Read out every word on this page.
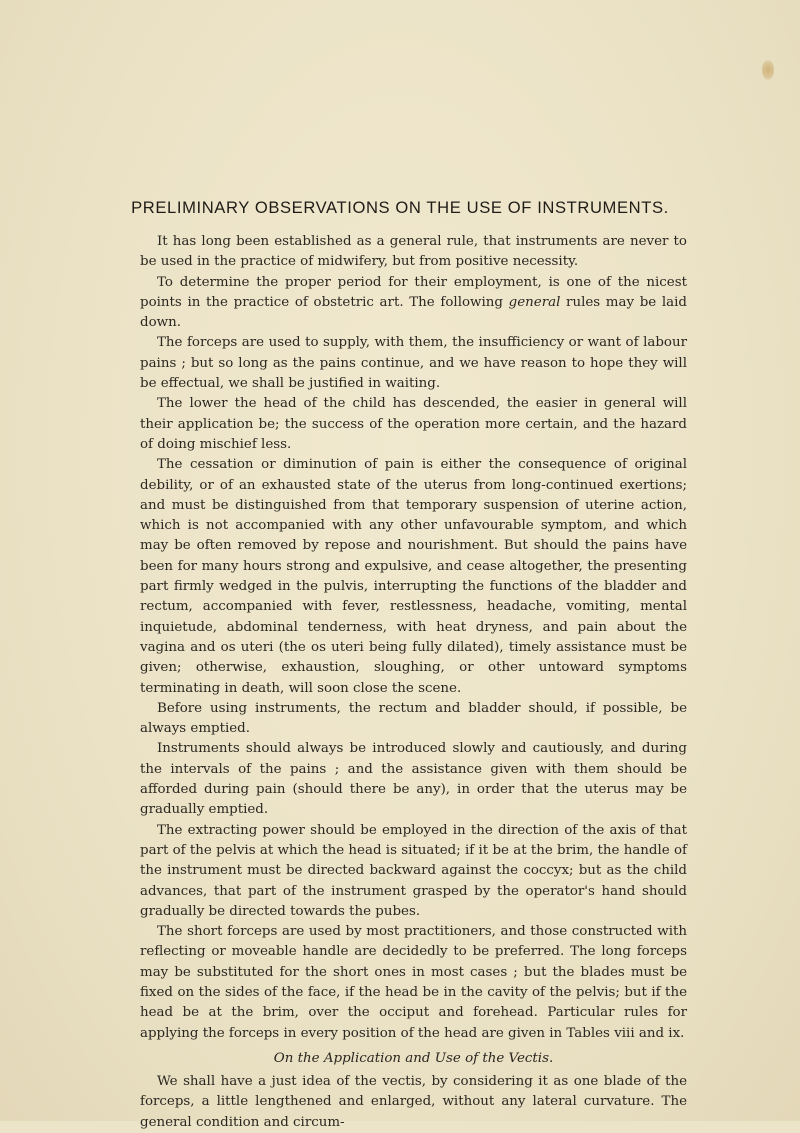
PRELIMINARY OBSERVATIONS ON THE USE OF INSTRUMENTS.

It has long been established as a general rule, that instruments are never to be used in the practice of midwifery, but from positive necessity.

To determine the proper period for their employment, is one of the nicest points in the practice of obstetric art. The following general rules may be laid down.

The forceps are used to supply, with them, the insufficiency or want of labour pains ; but so long as the pains continue, and we have reason to hope they will be effectual, we shall be justified in waiting.

The lower the head of the child has descended, the easier in general will their application be; the success of the operation more certain, and the hazard of doing mischief less.

The cessation or diminution of pain is either the consequence of original debility, or of an exhausted state of the uterus from long-continued exertions; and must be distinguished from that temporary suspension of uterine action, which is not accompanied with any other unfavourable symptom, and which may be often removed by repose and nourishment. But should the pains have been for many hours strong and expulsive, and cease altogether, the presenting part firmly wedged in the pulvis, interrupting the functions of the bladder and rectum, accompanied with fever, restlessness, headache, vomiting, mental inquietude, abdominal tenderness, with heat dryness, and pain about the vagina and os uteri (the os uteri being fully dilated), timely assistance must be given; otherwise, exhaustion, sloughing, or other untoward symptoms terminating in death, will soon close the scene.

Before using instruments, the rectum and bladder should, if possible, be always emptied.

Instruments should always be introduced slowly and cautiously, and during the intervals of the pains ; and the assistance given with them should be afforded during pain (should there be any), in order that the uterus may be gradually emptied.

The extracting power should be employed in the direction of the axis of that part of the pelvis at which the head is situated; if it be at the brim, the handle of the instrument must be directed backward against the coccyx; but as the child advances, that part of the instrument grasped by the operator's hand should gradually be directed towards the pubes.

The short forceps are used by most practitioners, and those constructed with reflecting or moveable handle are decidedly to be preferred. The long forceps may be substituted for the short ones in most cases ; but the blades must be fixed on the sides of the face, if the head be in the cavity of the pelvis; but if the head be at the brim, over the occiput and forehead. Particular rules for applying the forceps in every position of the head are given in Tables viii and ix.

On the Application and Use of the Vectis.

We shall have a just idea of the vectis, by considering it as one blade of the forceps, a little lengthened and enlarged, without any lateral curvature. The general condition and circum-
